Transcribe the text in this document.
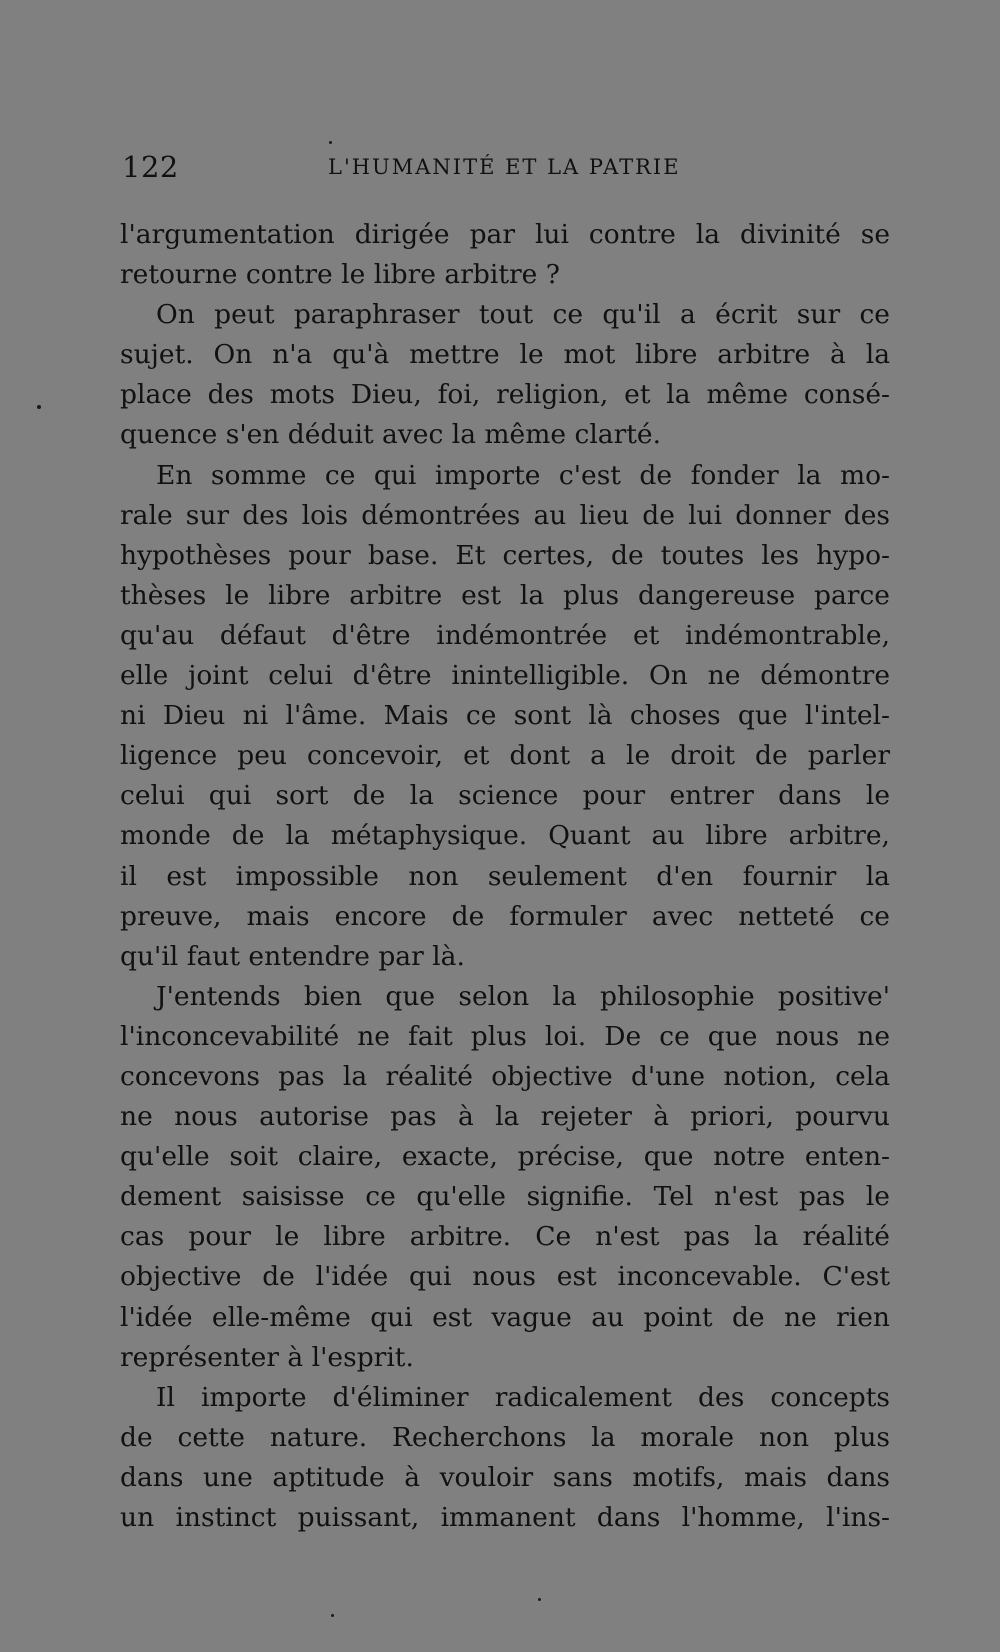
122	L'HUMANITÉ ET LA PATRIE
l'argumentation dirigée par lui contre la divinité se
retourne contre le libre arbitre ?
On peut paraphraser tout ce qu'il a écrit sur ce
sujet. On n'a qu'à mettre le mot libre arbitre à la
place des mots Dieu, foi, religion, et la même consé-
quence s'en déduit avec la même clarté.
En somme ce qui importe c'est de fonder la mo-
rale sur des lois démontrées au lieu de lui donner des
hypothèses pour base. Et certes, de toutes les hypo-
thèses le libre arbitre est la plus dangereuse parce
qu'au défaut d'être indémontrée et indémontrable,
elle joint celui d'être inintelligible. On ne démontre
ni Dieu ni l'âme. Mais ce sont là choses que l'intel-
ligence peu concevoir, et dont a le droit de parler
celui qui sort de la science pour entrer dans le
monde de la métaphysique. Quant au libre arbitre,
il est impossible non seulement d'en fournir la
preuve, mais encore de formuler avec netteté ce
qu'il faut entendre par là.
J'entends bien que selon la philosophie positive'
l'inconcevabilité ne fait plus loi. De ce que nous ne
concevons pas la réalité objective d'une notion, cela
ne nous autorise pas à la rejeter à priori, pourvu
qu'elle soit claire, exacte, précise, que notre enten-
dement saisisse ce qu'elle signifie. Tel n'est pas le
cas pour le libre arbitre. Ce n'est pas la réalité
objective de l'idée qui nous est inconcevable. C'est
l'idée elle-même qui est vague au point de ne rien
représenter à l'esprit.
Il importe d'éliminer radicalement des concepts
de cette nature. Recherchons la morale non plus
dans une aptitude à vouloir sans motifs, mais dans
un instinct puissant, immanent dans l'homme, l'ins-
